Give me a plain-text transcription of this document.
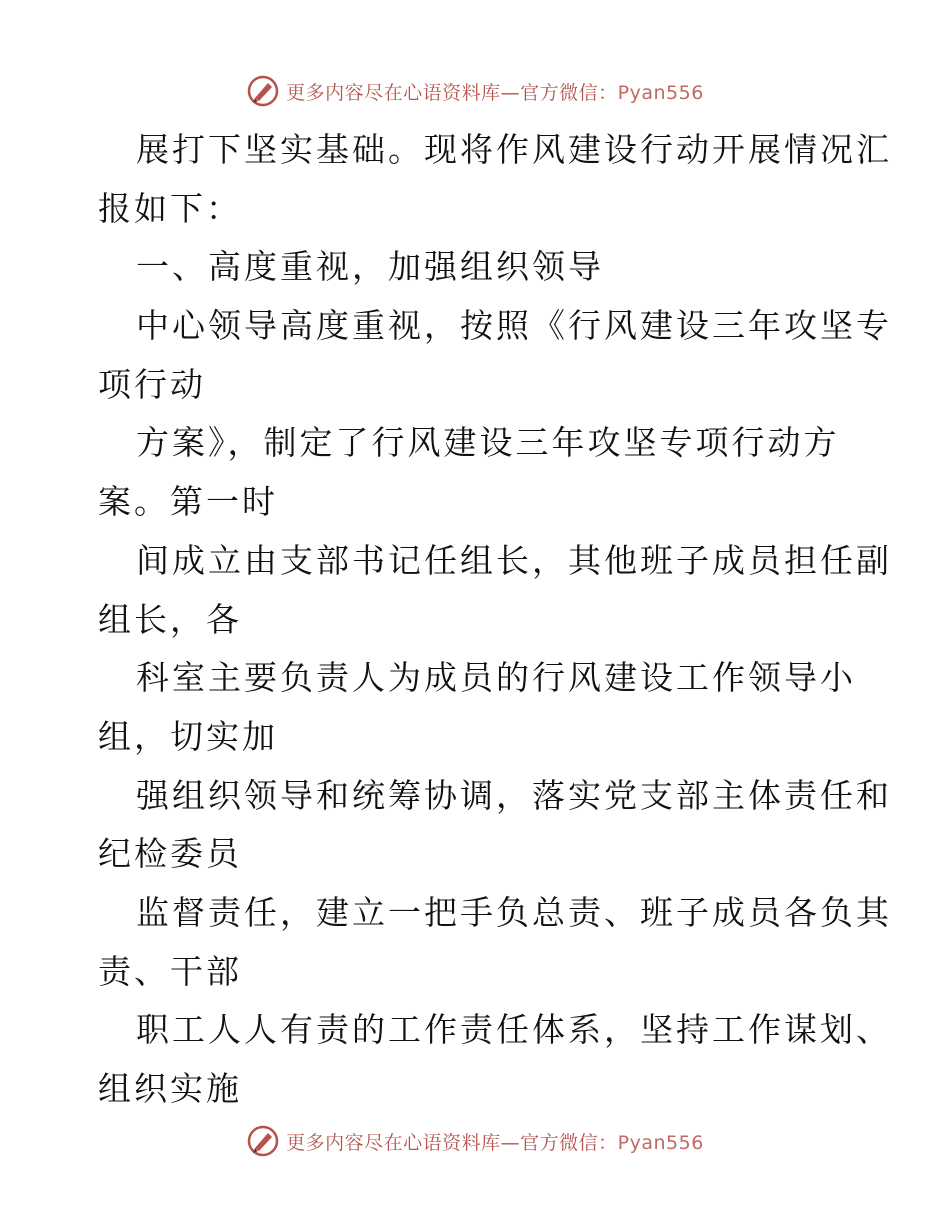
更多内容尽在心语资料库—官方微信：Pyan556
展打下坚实基础。现将作风建设行动开展情况汇
报如下：
一、高度重视，加强组织领导
中心领导高度重视，按照《行风建设三年攻坚专
项行动
方案》，制定了行风建设三年攻坚专项行动方
案。第一时
间成立由支部书记任组长，其他班子成员担任副
组长，各
科室主要负责人为成员的行风建设工作领导小
组，切实加
强组织领导和统筹协调，落实党支部主体责任和
纪检委员
监督责任，建立一把手负总责、班子成员各负其
责、干部
职工人人有责的工作责任体系，坚持工作谋划、
组织实施
更多内容尽在心语资料库—官方微信：Pyan556
